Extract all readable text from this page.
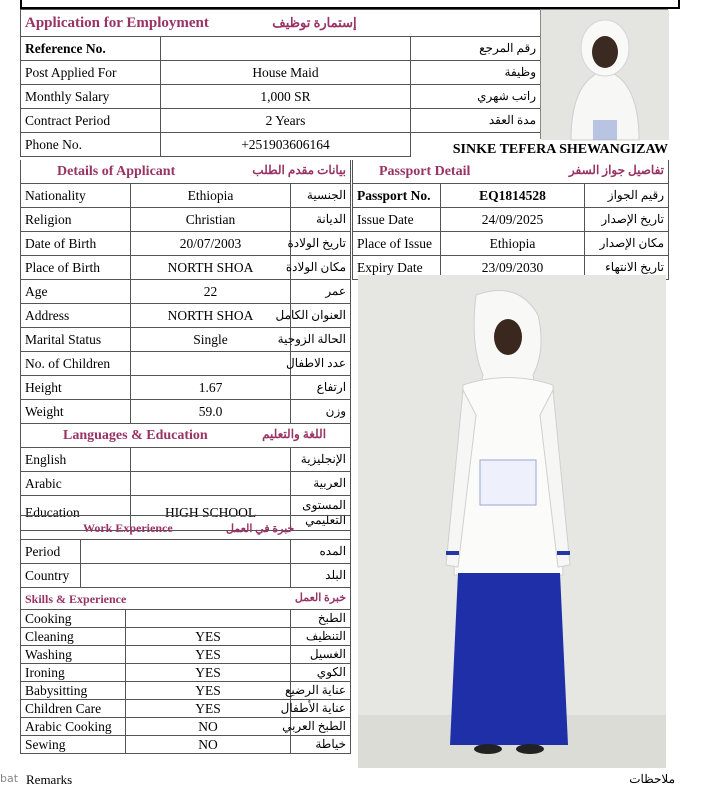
Application for Employment إستمارة توظيف		
Reference No.		رقم المرجع
Post Applied For	House Maid	وظيفة
Monthly Salary	1,000 SR	راتب شهري
Contract Period	2 Years	مدة العقد
Phone No.	+251903606164		SINKE TEFERA SHEWANGIZAW
Details of Applicant بيانات مقدم الطلب		

Nationality	Ethiopia	الجنسية
Religion	Christian	الديانة
Date of Birth	20/07/2003	تاريخ الولادة
Place of Birth	NORTH SHOA	مكان الولادة
Age	22	عمر
Address	NORTH SHOA	العنوان الكامل
Marital Status	Single	الحالة الزوجية
No. of Children		عدد الاطفال
Height	1.67	ارتفاع
Weight	59.0	وزن
Languages & Education اللغة والتعليم		

English		الإنجليزية
Arabic		العربية
Education	HIGH SCHOOL	المستوى التعليمي
Work Experience خبرة في العمل		
Period		المده
Country		البلد
Skills & Experience خبرة العمل		

Cooking		الطبخ
Cleaning	YES	التنظيف
Washing	YES	الغسيل
Ironing	YES	الكوي
Babysitting	YES	عناية الرضيع
Children Care	YES	عناية الأطفال
Arabic Cooking	NO	الطبخ العربي
Sewing	NO	خياطة
Passport Detail تفاصيل جواز السفر		

Passport No.	EQ1814528	رقيم الجواز
Issue Date	24/09/2025	تاريخ الإصدار
Place of Issue	Ethiopia	مكان الإصدار
Expiry Date	23/09/2030	تاريخ الانتهاء
bat Remarks	ملاحظات
